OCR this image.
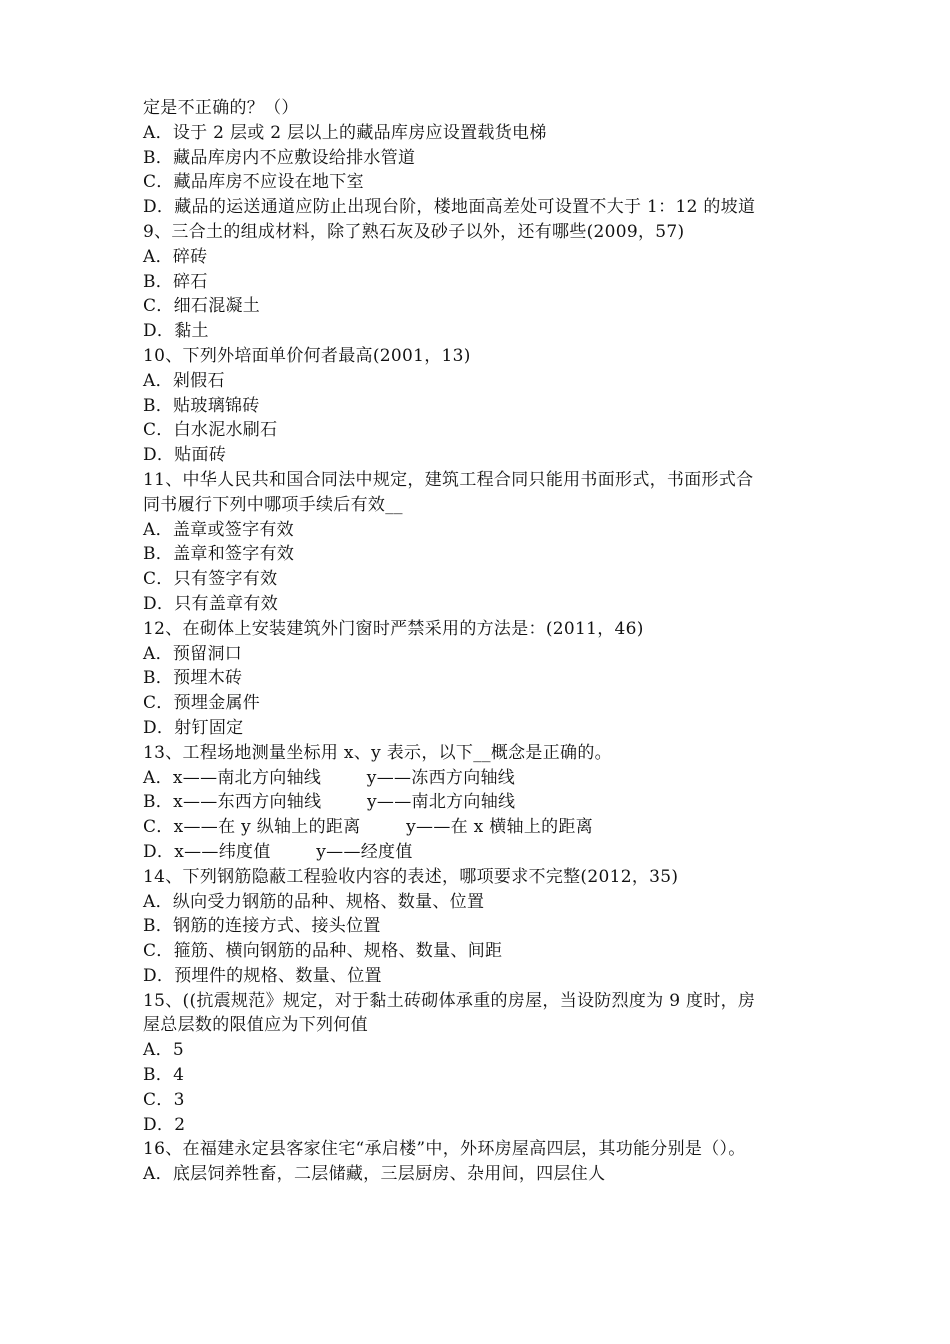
定是不正确的？（）
A．设于 2 层或 2 层以上的藏品库房应设置载货电梯
B．藏品库房内不应敷设给排水管道
C．藏品库房不应设在地下室
D．藏品的运送通道应防止出现台阶，楼地面高差处可设置不大于 1：12 的坡道
9、三合土的组成材料，除了熟石灰及砂子以外，还有哪些(2009，57)
A．碎砖
B．碎石
C．细石混凝土
D．黏土
10、下列外培面单价何者最高(2001，13)
A．剁假石
B．贴玻璃锦砖
C．白水泥水刷石
D．贴面砖
11、中华人民共和国合同法中规定，建筑工程合同只能用书面形式，书面形式合
同书履行下列中哪项手续后有效__
A．盖章或签字有效
B．盖章和签字有效
C．只有签字有效
D．只有盖章有效
12、在砌体上安装建筑外门窗时严禁采用的方法是：(2011，46)
A．预留洞口
B．预埋木砖
C．预埋金属件
D．射钉固定
13、工程场地测量坐标用 x、y 表示，以下__概念是正确的。
A．x——南北方向轴线        y——冻西方向轴线
B．x——东西方向轴线        y——南北方向轴线
C．x——在 y 纵轴上的距离        y——在 x 横轴上的距离
D．x——纬度值        y——经度值
14、下列钢筋隐蔽工程验收内容的表述，哪项要求不完整(2012，35)
A．纵向受力钢筋的品种、规格、数量、位置
B．钢筋的连接方式、接头位置
C．箍筋、横向钢筋的品种、规格、数量、间距
D．预埋件的规格、数量、位置
15、((抗震规范》规定，对于黏土砖砌体承重的房屋，当设防烈度为 9 度时，房
屋总层数的限值应为下列何值
A．5
B．4
C．3
D．2
16、在福建永定县客家住宅“承启楼”中，外环房屋高四层，其功能分别是（）。
A．底层饲养牲畜，二层储藏，三层厨房、杂用间，四层住人
